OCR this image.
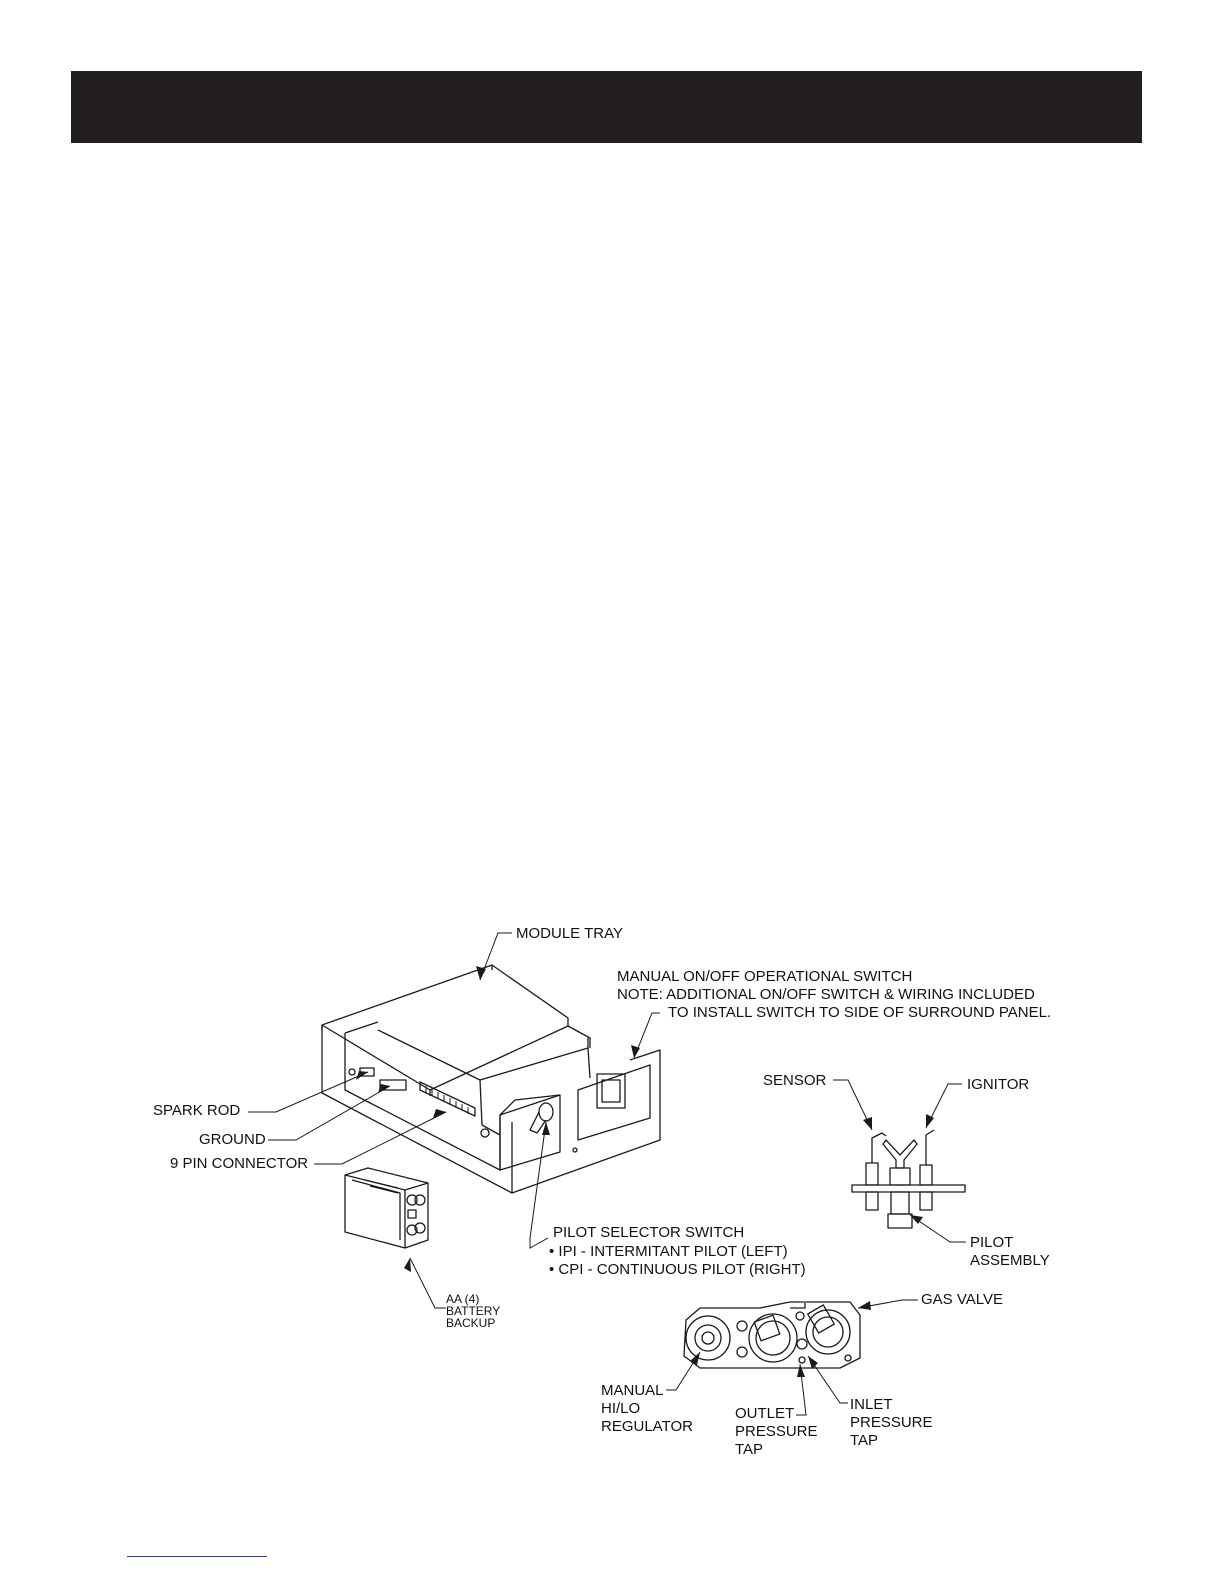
MODULE TRAY
MANUAL ON/OFF OPERATIONAL SWITCH
NOTE: ADDITIONAL ON/OFF SWITCH & WIRING INCLUDED
TO INSTALL SWITCH TO SIDE OF SURROUND PANEL.
SPARK ROD
GROUND
9 PIN CONNECTOR
SENSOR	IGNITOR
PILOT
ASSEMBLY
PILOT SELECTOR SWITCH
• IPI - INTERMITANT PILOT (LEFT)
• CPI - CONTINUOUS PILOT (RIGHT)
AA (4)
BATTERY
BACKUP
GAS VALVE
MANUAL
HI/LO
REGULATOR
OUTLET
PRESSURE
TAP
INLET
PRESSURE
TAP
